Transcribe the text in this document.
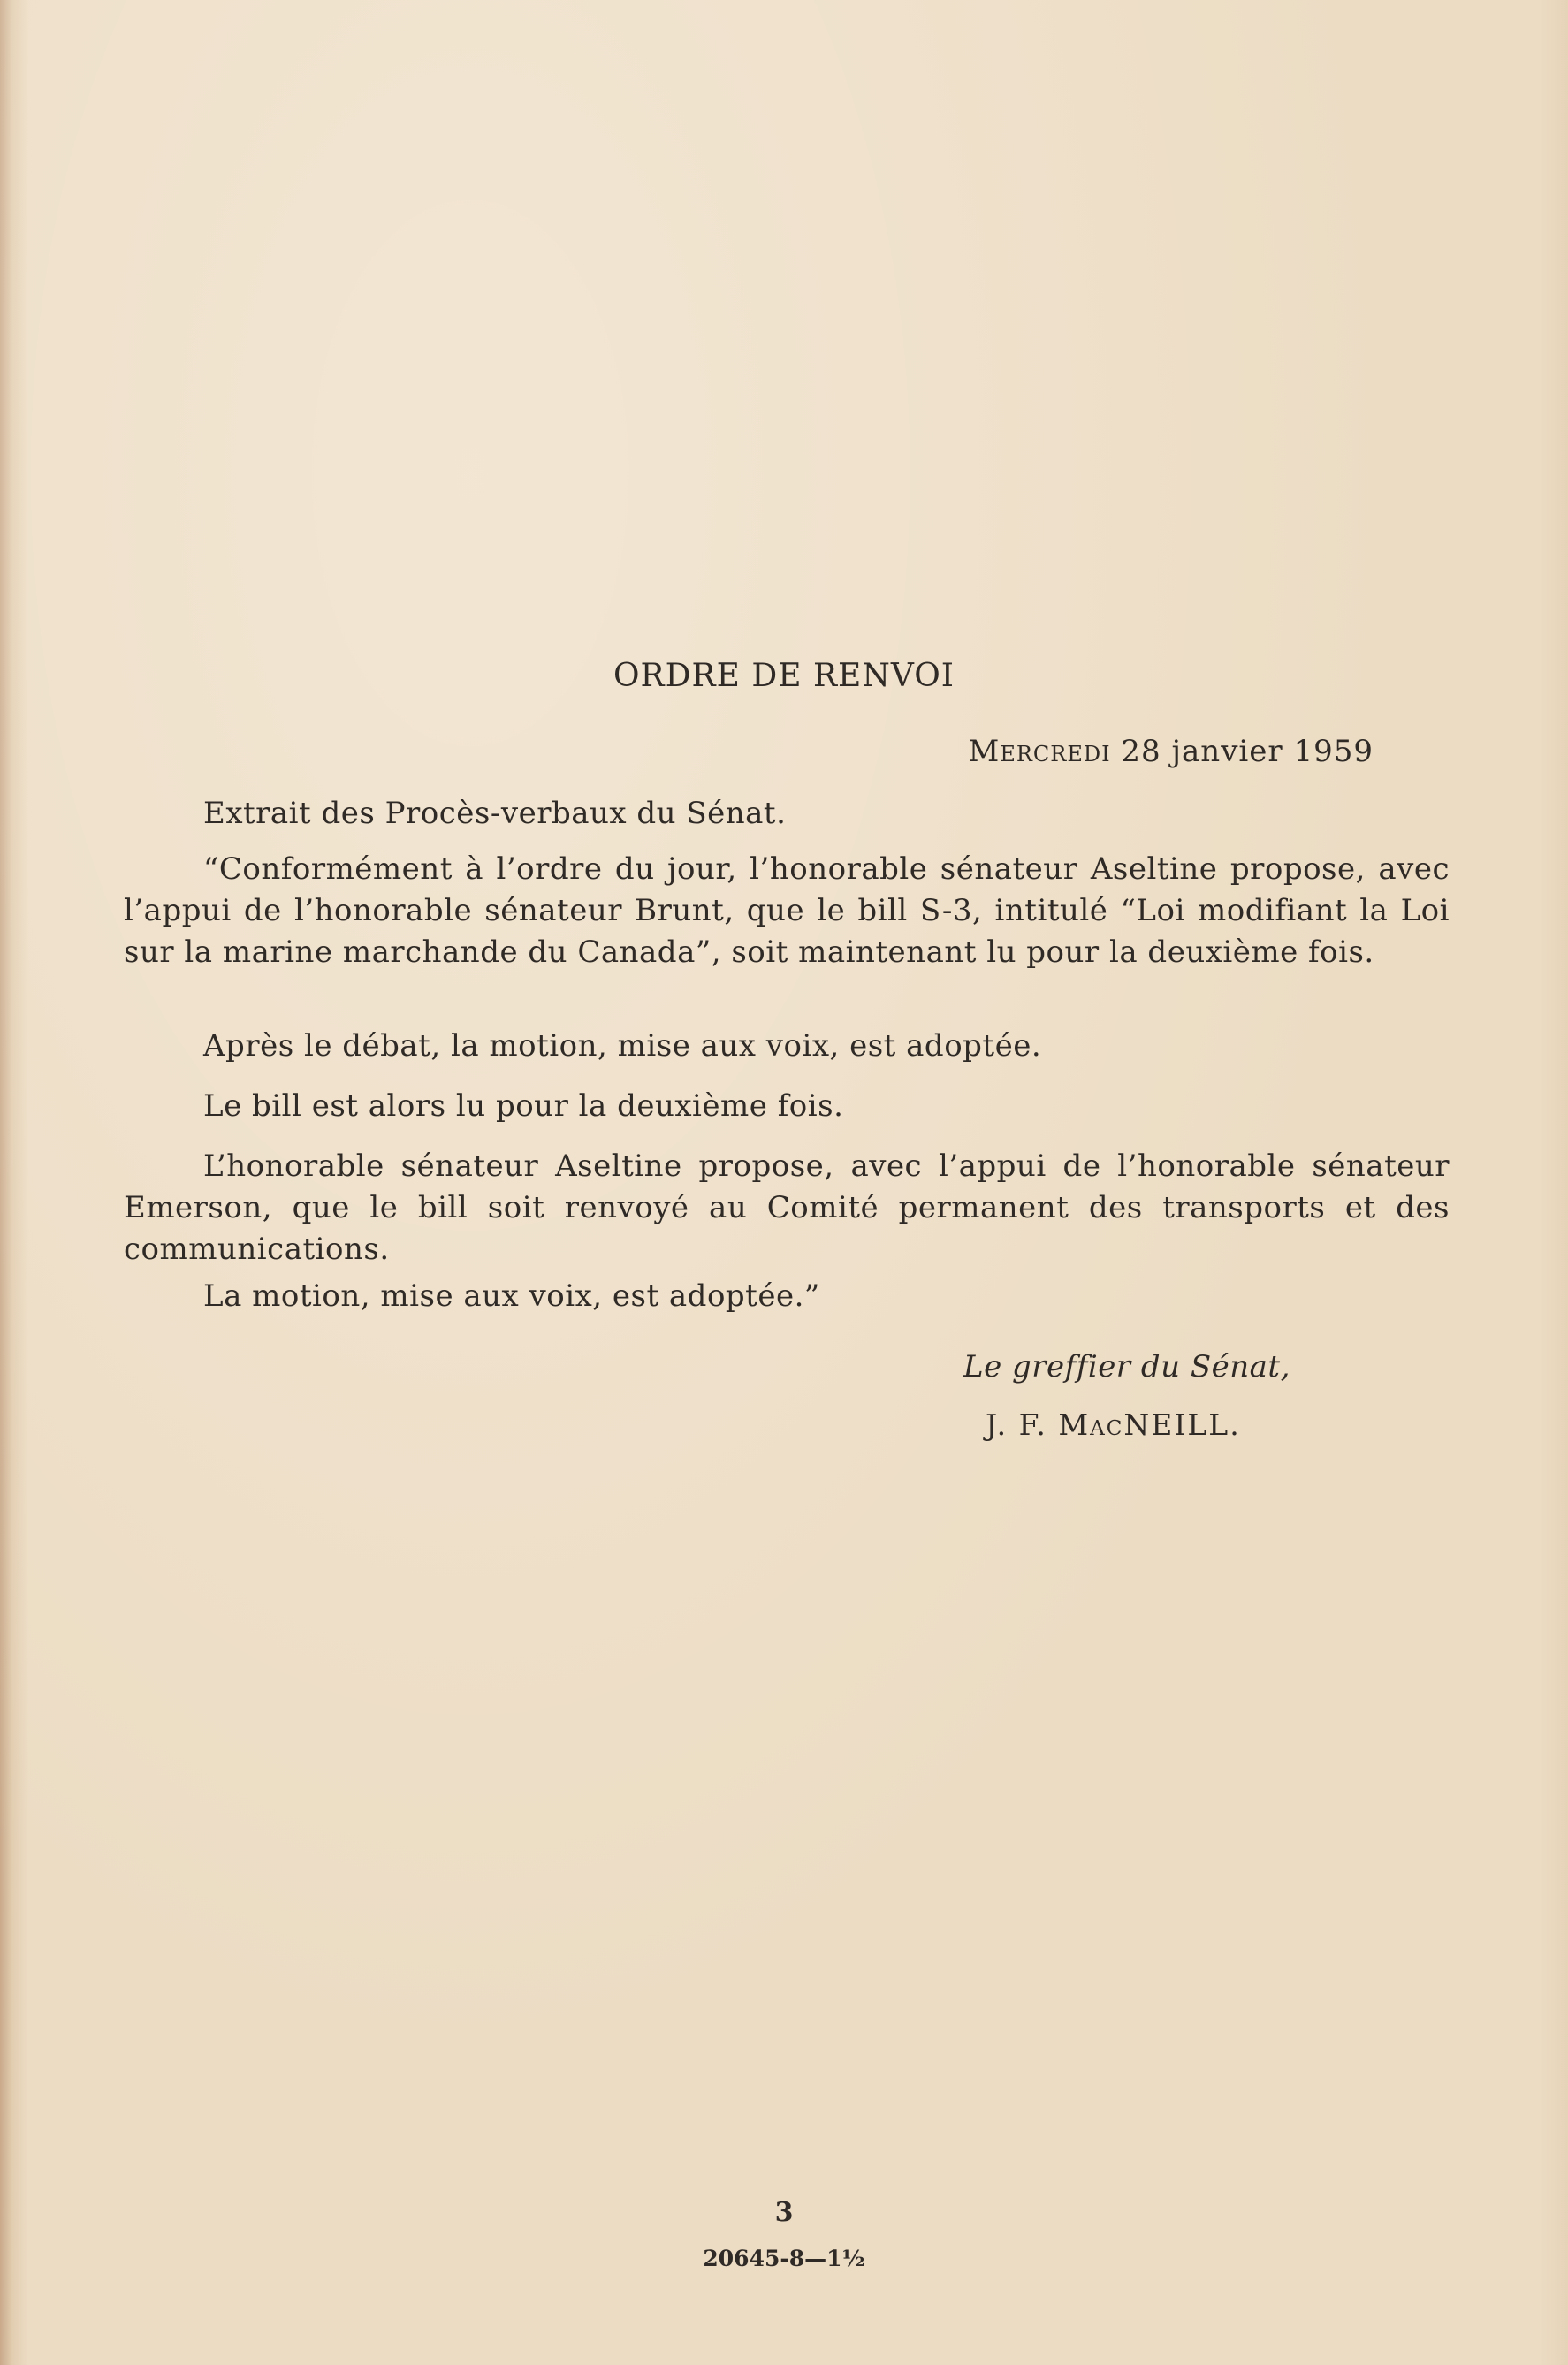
ORDRE DE RENVOI
Mercredi 28 janvier 1959

Extrait des Procès-verbaux du Sénat.

“Conformément à l’ordre du jour, l’honorable sénateur Aseltine propose, avec l’appui de l’honorable sénateur Brunt, que le bill S-3, intitulé “Loi modifiant la Loi sur la marine marchande du Canada”, soit maintenant lu pour la deuxième fois.

Après le débat, la motion, mise aux voix, est adoptée.

Le bill est alors lu pour la deuxième fois.

L’honorable sénateur Aseltine propose, avec l’appui de l’honorable sénateur Emerson, que le bill soit renvoyé au Comité permanent des transports et des communications.

La motion, mise aux voix, est adoptée.”

Le greffier du Sénat,
J. F. MacNEILL.
3
20645-8—1½
